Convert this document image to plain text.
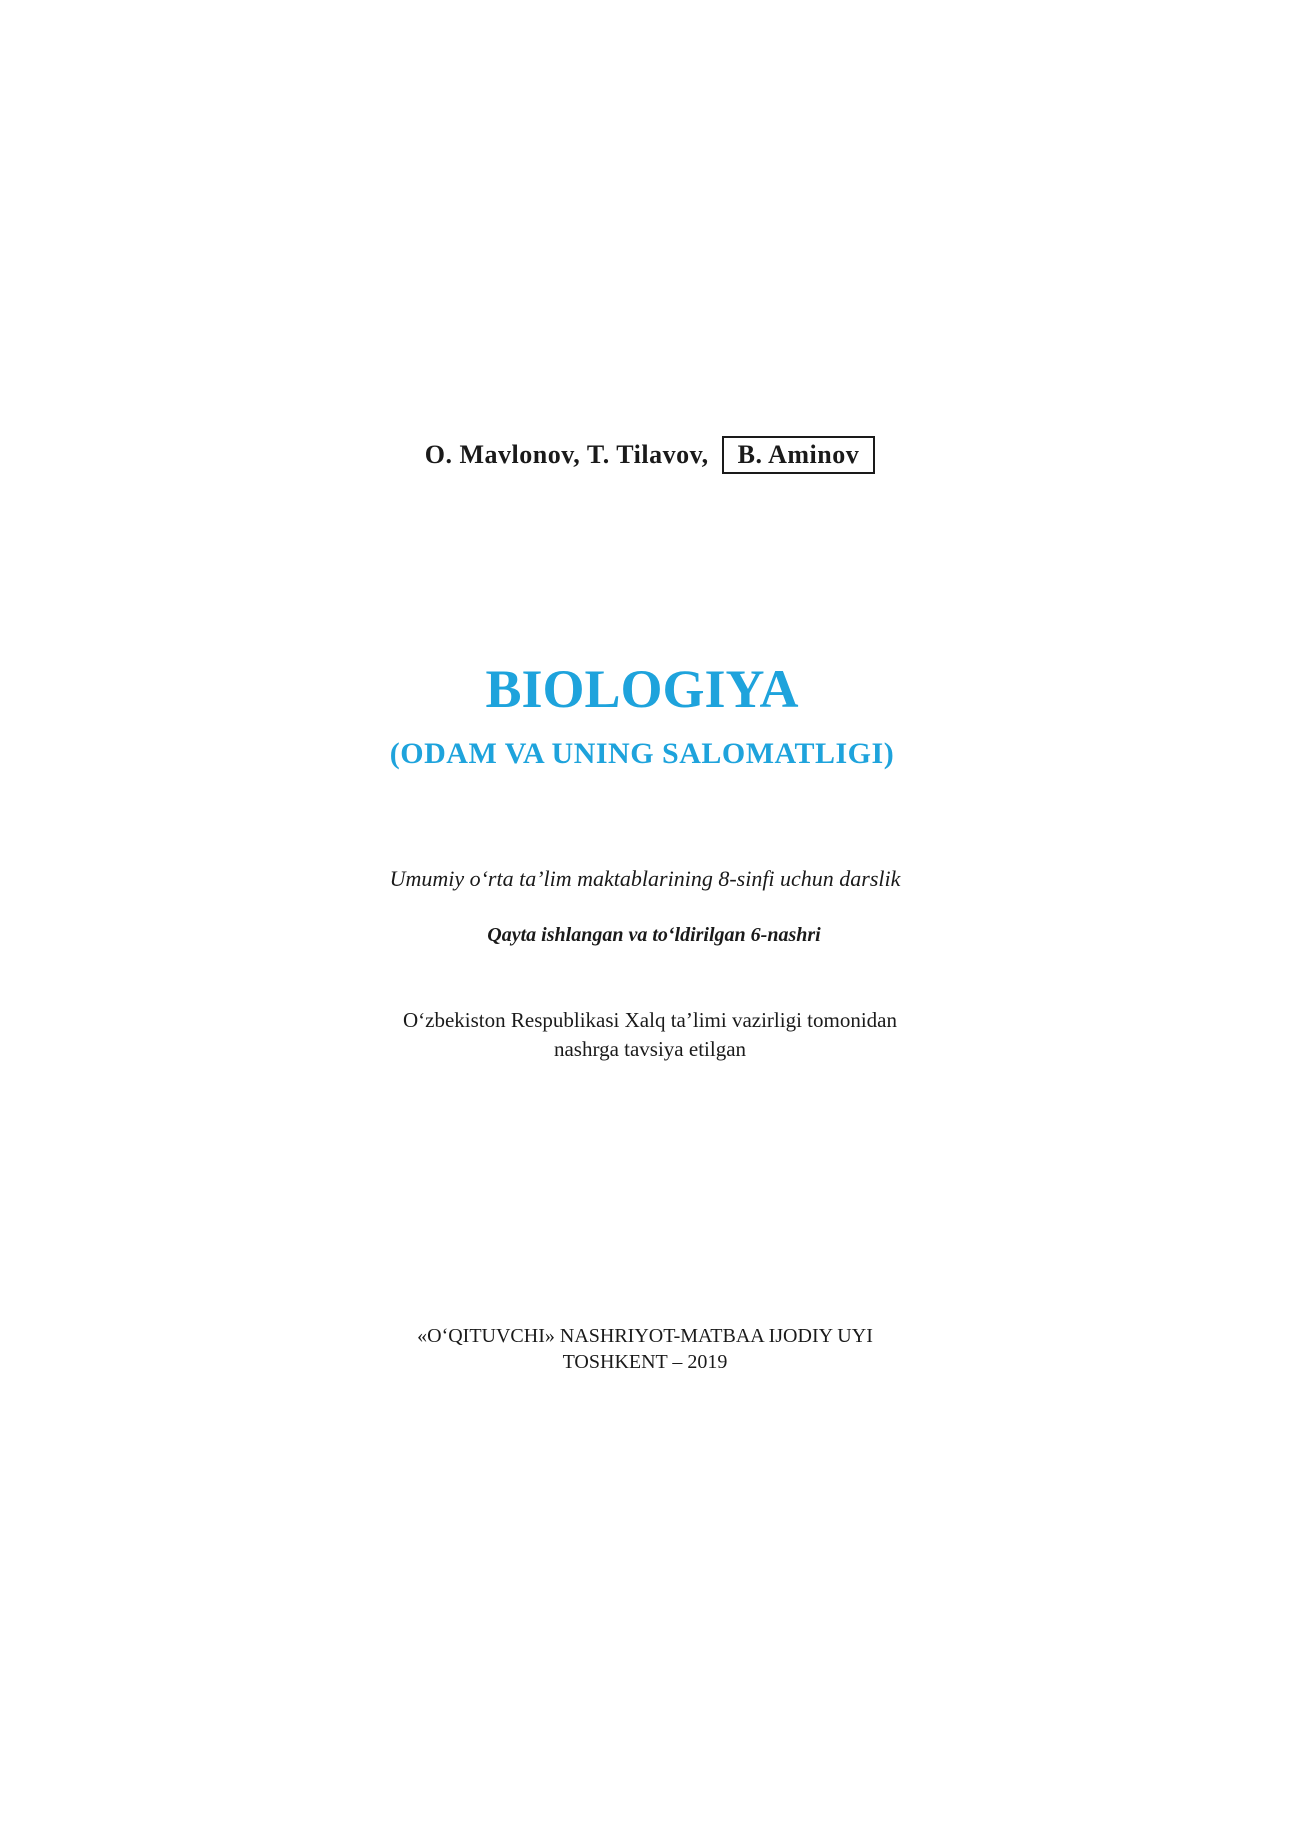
O. Mavlonov, T. Tilavov, B. Aminov
BIOLOGIYA
(ODAM VA UNING SALOMATLIGI)
Umumiy o‘rta ta’lim maktablarining 8-sinfi uchun darslik
Qayta ishlangan va to‘ldirilgan 6-nashri
O‘zbekiston Respublikasi Xalq ta’limi vazirligi tomonidan
nashrga tavsiya etilgan
«O‘QITUVCHI» NASHRIYOT-MATBAA IJODIY UYI
TOSHKENT – 2019
